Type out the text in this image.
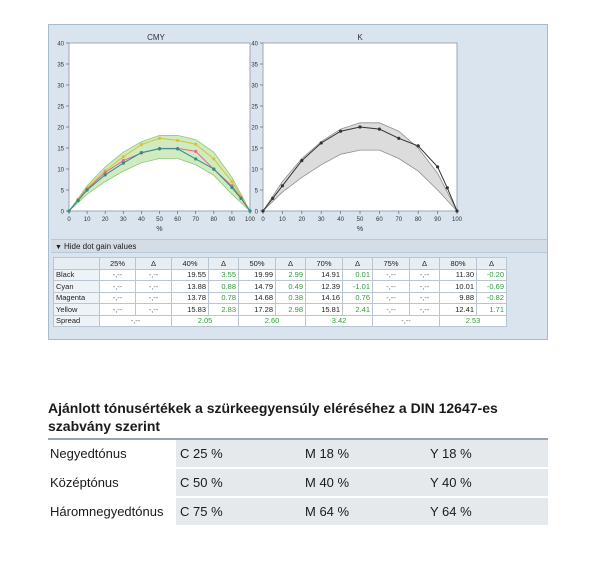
CMY
0
5
10
15
20
25
30
35
40
0 10 20 30 40 50 60 70 80 90 100
%
K
0
5
10
15
20
25
30
35
40
0 10 20 30 40 50 60 70 80 90 100
%
▼ Hide dot gain values
	25%	Δ	40%	Δ	50%	Δ	70%	Δ	75%	Δ	80%	Δ
Black	-,--	-,--	19.55	3.55	19.99	2.99	14.91	0.01	-,--	-,--	11.30	-0.20
Cyan	-,--	-,--	13.88	0.88	14.79	0.49	12.39	-1.01	-,--	-,--	10.01	-0.69
Magenta	-,--	-,--	13.78	0.78	14.68	0.38	14.16	0.76	-,--	-,--	9.88	-0.82
Yellow	-,--	-,--	15.83	2.83	17.28	2.98	15.81	2.41	-,--	-,--	12.41	1.71
Spread	-,--		2.05		2.60		3.42		-,--		2.53	
Ajánlott tónusértékek a szürkeegyensúly eléréséhez a DIN 12647-es szabvány szerint
Negyedtónus	C 25 %	M 18 %	Y 18 %
Középtónus	C 50 %	M 40 %	Y 40 %
Háromnegyedtónus	C 75 %	M 64 %	Y 64 %
